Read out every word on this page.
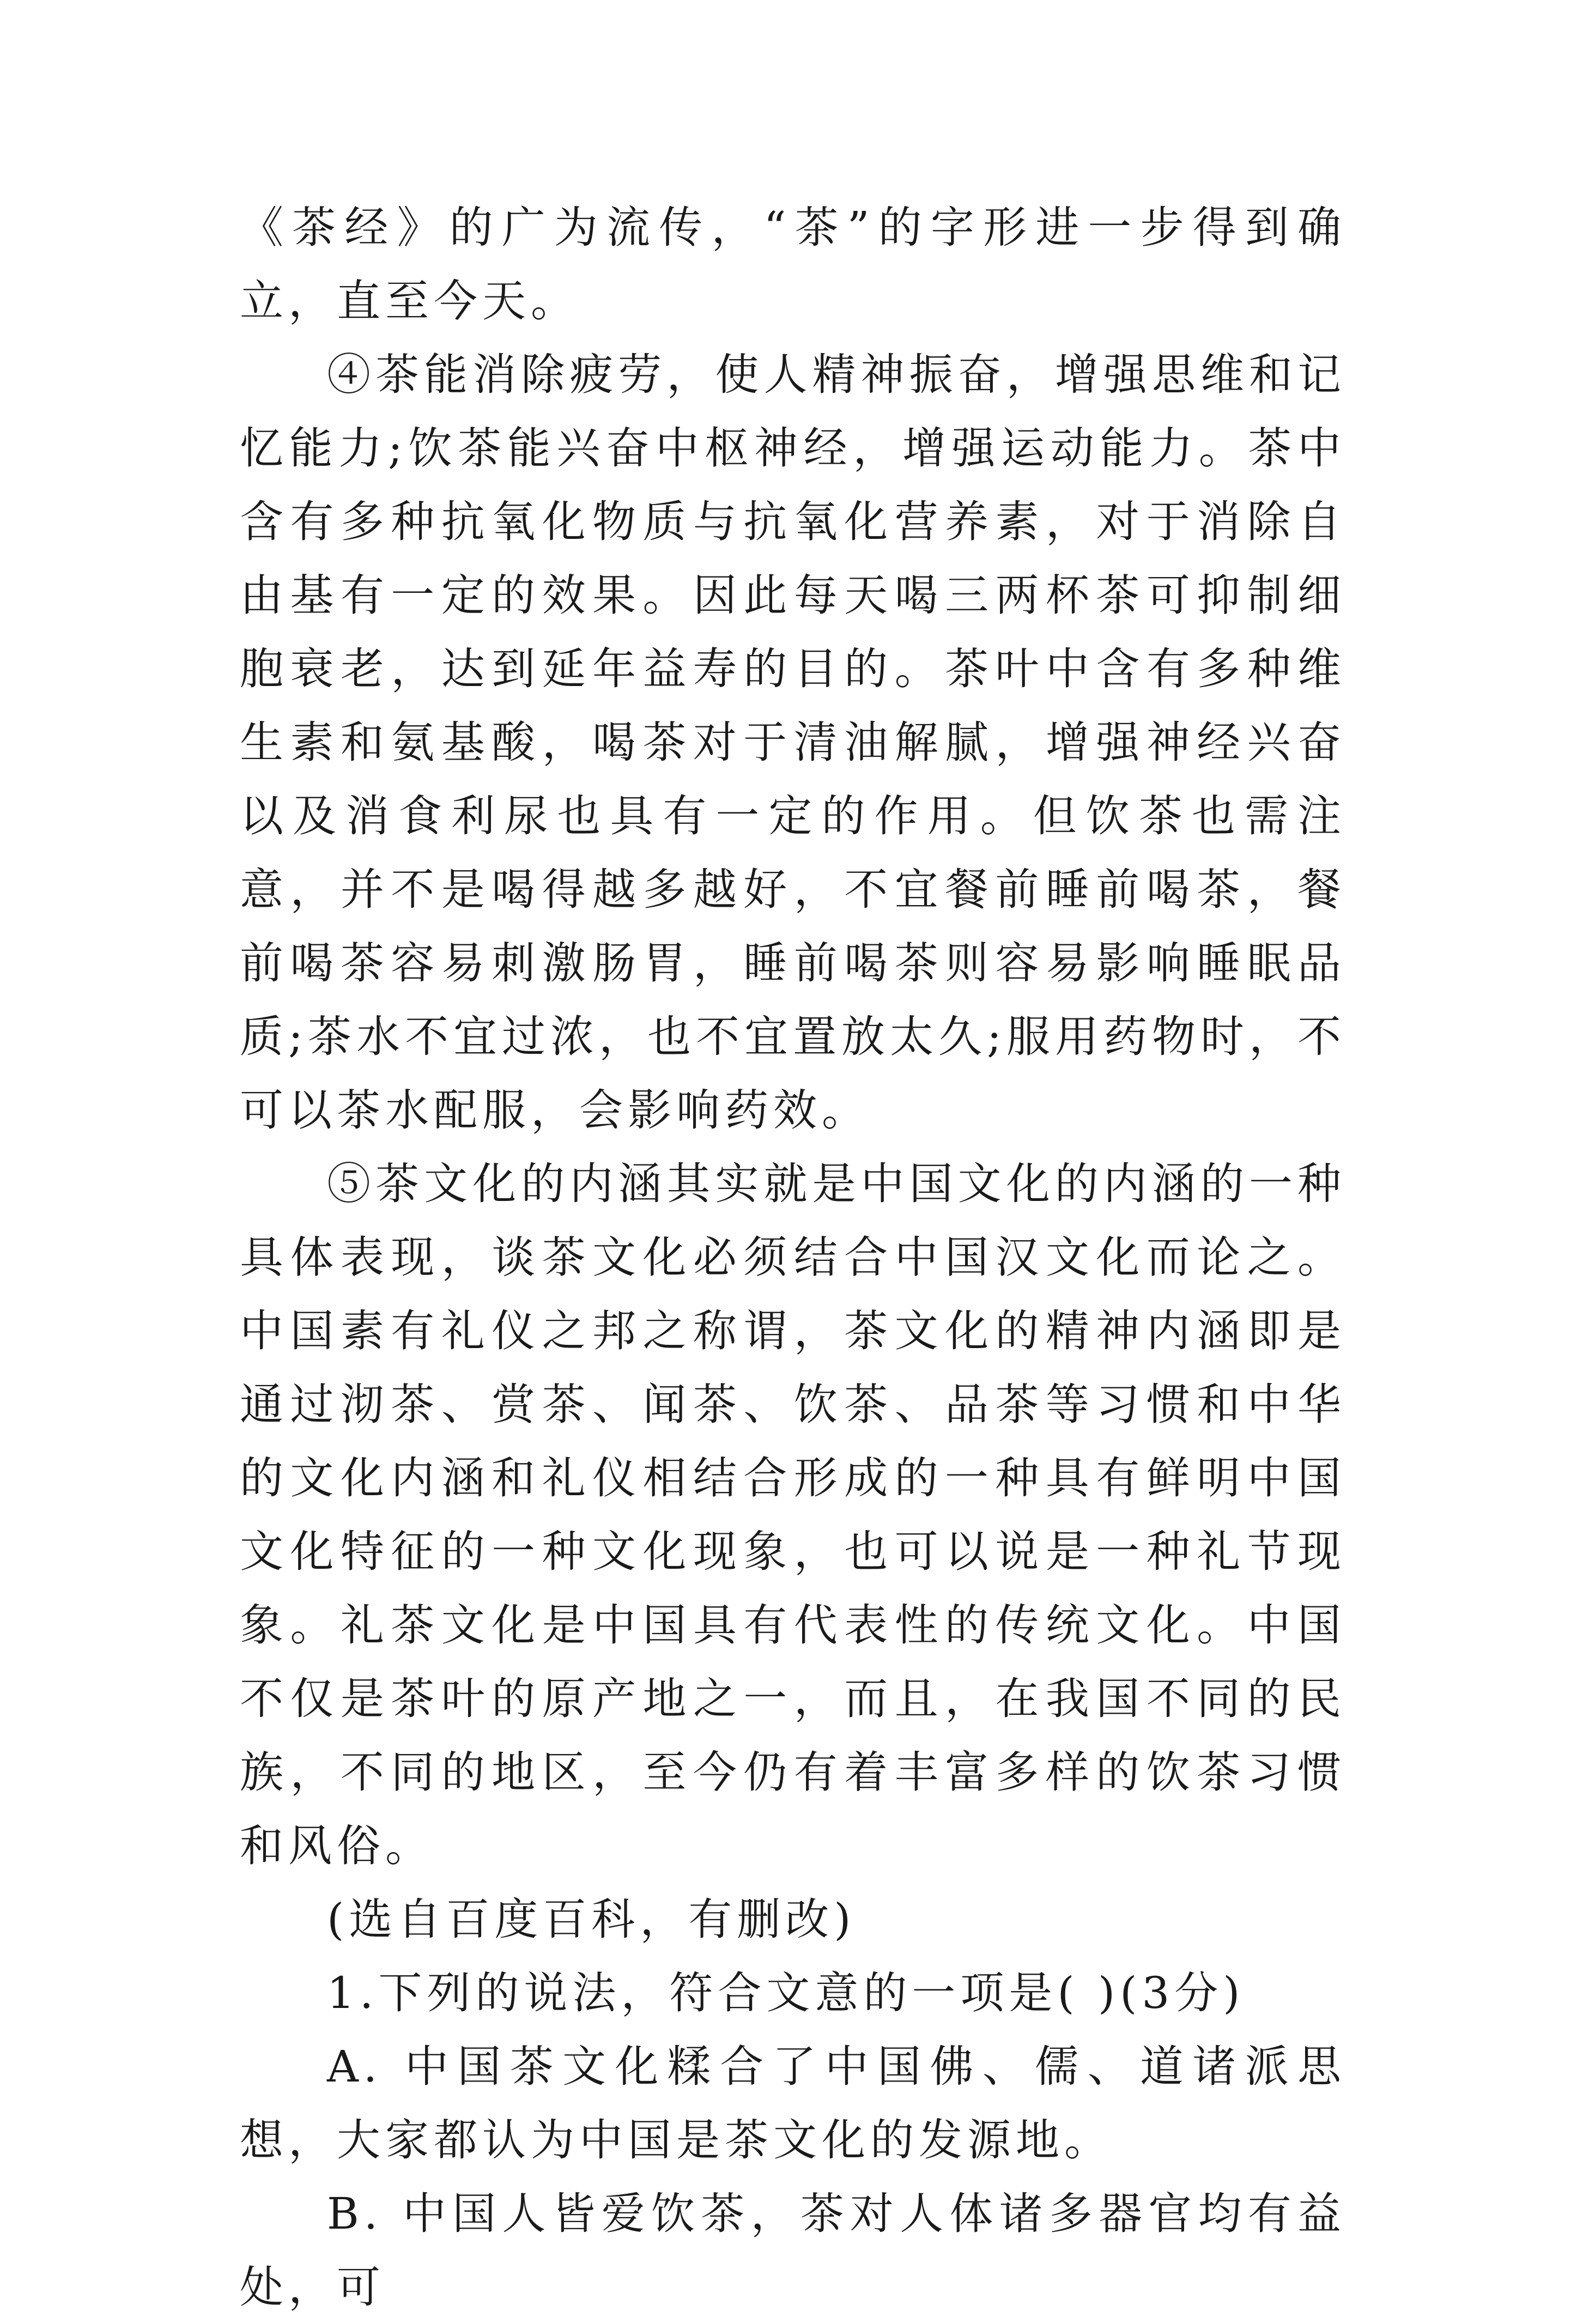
《茶经》的广为流传，“茶”的字形进一步得到确立，直至今天。

④茶能消除疲劳，使人精神振奋，增强思维和记忆能力;饮茶能兴奋中枢神经，增强运动能力。茶中含有多种抗氧化物质与抗氧化营养素，对于消除自由基有一定的效果。因此每天喝三两杯茶可抑制细胞衰老，达到延年益寿的目的。茶叶中含有多种维生素和氨基酸，喝茶对于清油解腻，增强神经兴奋以及消食利尿也具有一定的作用。但饮茶也需注意，并不是喝得越多越好，不宜餐前睡前喝茶，餐前喝茶容易刺激肠胃，睡前喝茶则容易影响睡眠品质;茶水不宜过浓，也不宜置放太久;服用药物时，不可以茶水配服，会影响药效。

⑤茶文化的内涵其实就是中国文化的内涵的一种具体表现，谈茶文化必须结合中国汉文化而论之。中国素有礼仪之邦之称谓，茶文化的精神内涵即是通过沏茶、赏茶、闻茶、饮茶、品茶等习惯和中华的文化内涵和礼仪相结合形成的一种具有鲜明中国文化特征的一种文化现象，也可以说是一种礼节现象。礼茶文化是中国具有代表性的传统文化。中国不仅是茶叶的原产地之一，而且，在我国不同的民族，不同的地区，至今仍有着丰富多样的饮茶习惯和风俗。

(选自百度百科，有删改)

1.下列的说法，符合文意的一项是( )(3分)

A. 中国茶文化糅合了中国佛、儒、道诸派思想，大家都认为中国是茶文化的发源地。

B. 中国人皆爱饮茶，茶对人体诸多器官均有益处，可
